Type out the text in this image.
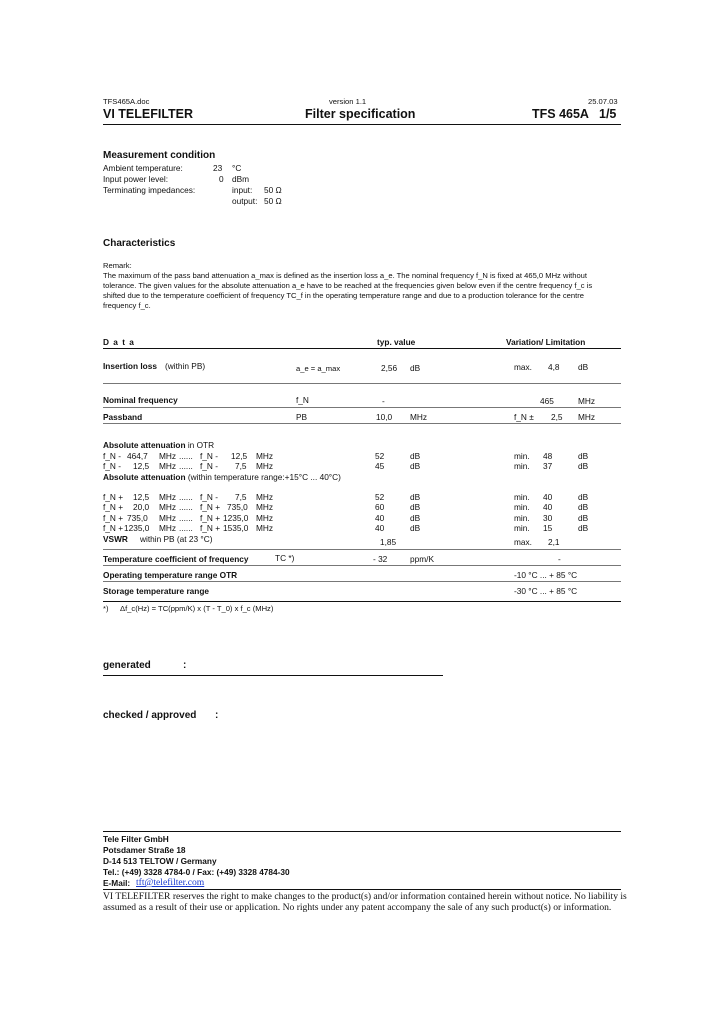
TFS465A.doc	version 1.1	25.07.03
VI TELEFILTER	Filter specification	TFS 465A 1/5
Measurement condition
Ambient temperature:	23 °C
Input power level:	0 dBm
Terminating impedances:	input: 50 Ω
output: 50 Ω
Characteristics
Remark:
The maximum of the pass band attenuation a_max is defined as the insertion loss a_e. The nominal frequency f_N is fixed at 465,0 MHz without
tolerance. The given values for the absolute attenuation a_e have to be reached at the frequencies given below even if the centre frequency f_c is
shifted due to the temperature coefficient of frequency TC_f in the operating temperature range and due to a production tolerance for the centre
frequency f_c.
D a t a	typ. value	Variation/ Limitation
Insertion loss (within PB)	a_e = a_max	2,56 dB	max. 4,8 dB
Nominal frequency	f_N	-	465	MHz
Passband	PB	10,0 MHz	f_N ± 2,5 MHz
Absolute attenuation in OTR
f_N - 464,7 MHz ...... f_N - 12,5 MHz	52	dB	min. 48	dB
f_N - 12,5 MHz ...... f_N - 7,5 MHz	45	dB	min. 37	dB
Absolute attenuation (within temperature range:+15°C ... 40°C)
f_N + 12,5 MHz ...... f_N - 7,5 MHz	52	dB	min. 40	dB
f_N + 20,0 MHz ...... f_N + 735,0 MHz	60	dB	min. 40	dB
f_N + 735,0 MHz ...... f_N + 1235,0 MHz	40	dB	min. 30	dB
f_N + 1235,0 MHz ...... f_N + 1535,0 MHz	40	dB	min. 15	dB
VSWR within PB (at 23 °C)	1,85	max. 2,1
Temperature coefficient of frequency	TC *)	- 32	ppm/K	-
Operating temperature range OTR	-10 °C ... + 85 °C
Storage temperature range	-30 °C ... + 85 °C
*) Δf_c(Hz) = TC(ppm/K) x (T - T_0) x f_c (MHz)
generated	:
checked / approved :
Tele Filter GmbH
Potsdamer Straße 18
D-14 513 TELTOW / Germany
Tel.: (+49) 3328 4784-0 / Fax: (+49) 3328 4784-30
E-Mail: tft@telefilter.com
VI TELEFILTER reserves the right to make changes to the product(s) and/or information contained herein without notice. No liability is
assumed as a result of their use or application. No rights under any patent accompany the sale of any such product(s) or information.
